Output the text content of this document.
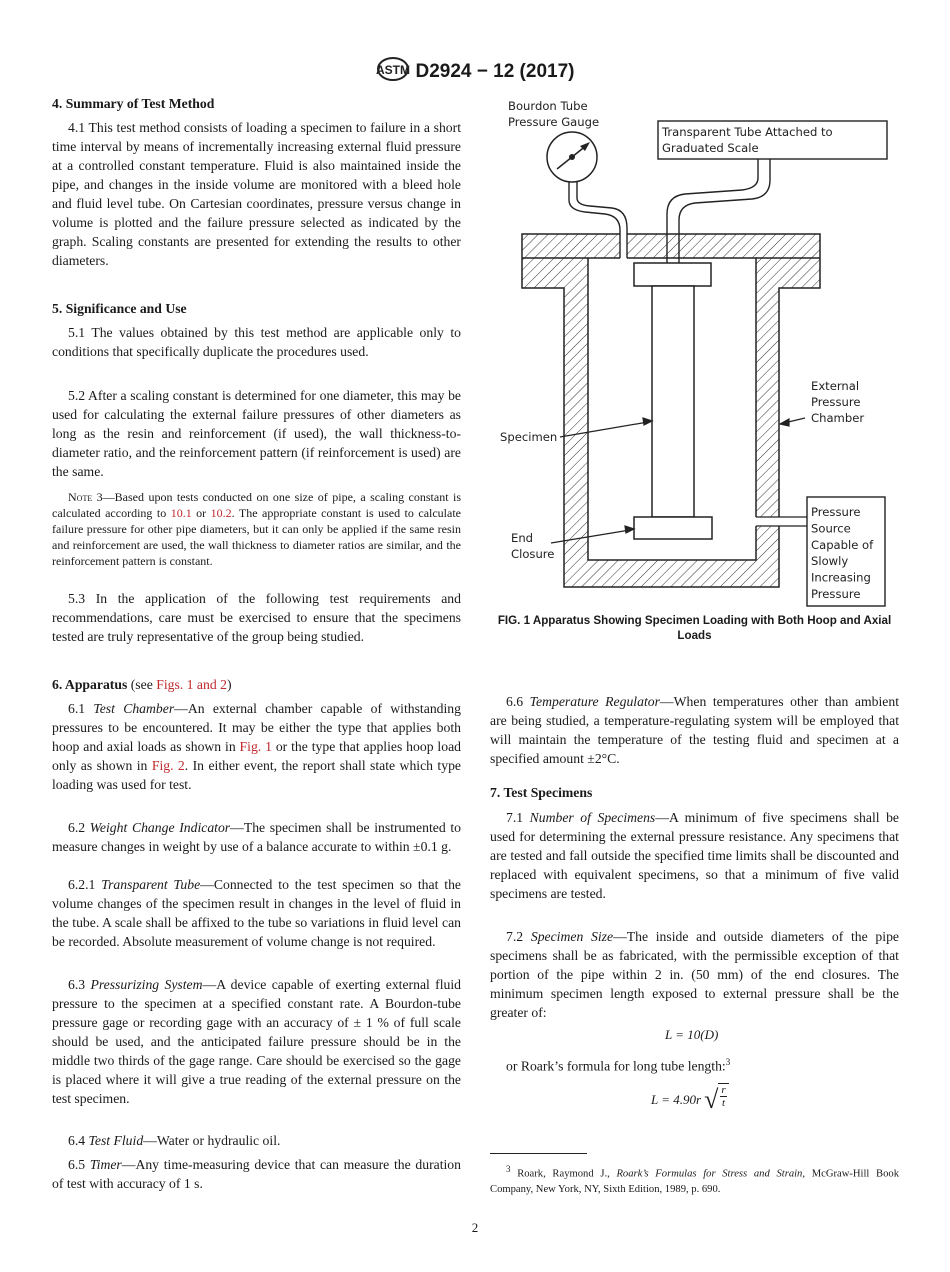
ASTM D2924 − 12 (2017)
4. Summary of Test Method
4.1 This test method consists of loading a specimen to failure in a short time interval by means of incrementally increasing external fluid pressure at a controlled constant temperature. Fluid is also maintained inside the pipe, and changes in the inside volume are monitored with a bleed hole and fluid level tube. On Cartesian coordinates, pressure versus change in volume is plotted and the failure pressure selected as indicated by the graph. Scaling constants are presented for extending the results to other diameters.
5. Significance and Use
5.1 The values obtained by this test method are applicable only to conditions that specifically duplicate the procedures used.
5.2 After a scaling constant is determined for one diameter, this may be used for calculating the external failure pressures of other diameters as long as the resin and reinforcement (if used), the wall thickness-to-diameter ratio, and the reinforcement pattern (if reinforcement is used) are the same.
Note 3—Based upon tests conducted on one size of pipe, a scaling constant is calculated according to 10.1 or 10.2. The appropriate constant is used to calculate failure pressure for other pipe diameters, but it can only be applied if the same resin and reinforcement are used, the wall thickness to diameter ratios are similar, and the reinforcement pattern is constant.
5.3 In the application of the following test requirements and recommendations, care must be exercised to ensure that the specimens tested are truly representative of the group being studied.
6. Apparatus (see Figs. 1 and 2)
6.1 Test Chamber—An external chamber capable of withstanding pressures to be encountered. It may be either the type that applies both hoop and axial loads as shown in Fig. 1 or the type that applies hoop load only as shown in Fig. 2. In either event, the report shall state which type loading was used for test.
6.2 Weight Change Indicator—The specimen shall be instrumented to measure changes in weight by use of a balance accurate to within ±0.1 g.
6.2.1 Transparent Tube—Connected to the test specimen so that the volume changes of the specimen result in changes in the level of fluid in the tube. A scale shall be affixed to the tube so variations in fluid level can be recorded. Absolute measurement of volume change is not required.
6.3 Pressurizing System—A device capable of exerting external fluid pressure to the specimen at a specified constant rate. A Bourdon-tube pressure gage or recording gage with an accuracy of ± 1 % of full scale should be used, and the anticipated failure pressure should be in the middle two thirds of the gage range. Care should be exercised so the gage is placed where it will give a true reading of the external pressure on the test specimen.
6.4 Test Fluid—Water or hydraulic oil.
6.5 Timer—Any time-measuring device that can measure the duration of test with accuracy of 1 s.
Bourdon Tube Pressure Gauge
Transparent Tube Attached to Graduated Scale
External Pressure Chamber
Specimen
End Closure
Pressure Source Capable of Slowly Increasing Pressure
FIG. 1 Apparatus Showing Specimen Loading with Both Hoop and Axial Loads
6.6 Temperature Regulator—When temperatures other than ambient are being studied, a temperature-regulating system will be employed that will maintain the temperature of the testing fluid and specimen at a specified amount ±2°C.
7. Test Specimens
7.1 Number of Specimens—A minimum of five specimens shall be used for determining the external pressure resistance. Any specimens that are tested and fall outside the specified time limits shall be discounted and replaced with equivalent specimens, so that a minimum of five valid specimens are tested.
7.2 Specimen Size—The inside and outside diameters of the pipe specimens shall be as fabricated, with the permissible exception of that portion of the pipe within 2 in. (50 mm) of the end closures. The minimum specimen length exposed to external pressure shall be the greater of:
L = 10(D)
or Roark’s formula for long tube length:$^3$
L = 4.90r √ $\frac{r}{t}$
$^3$ Roark, Raymond J., Roark’s Formulas for Stress and Strain, McGraw-Hill Book Company, New York, NY, Sixth Edition, 1989, p. 690.
2
